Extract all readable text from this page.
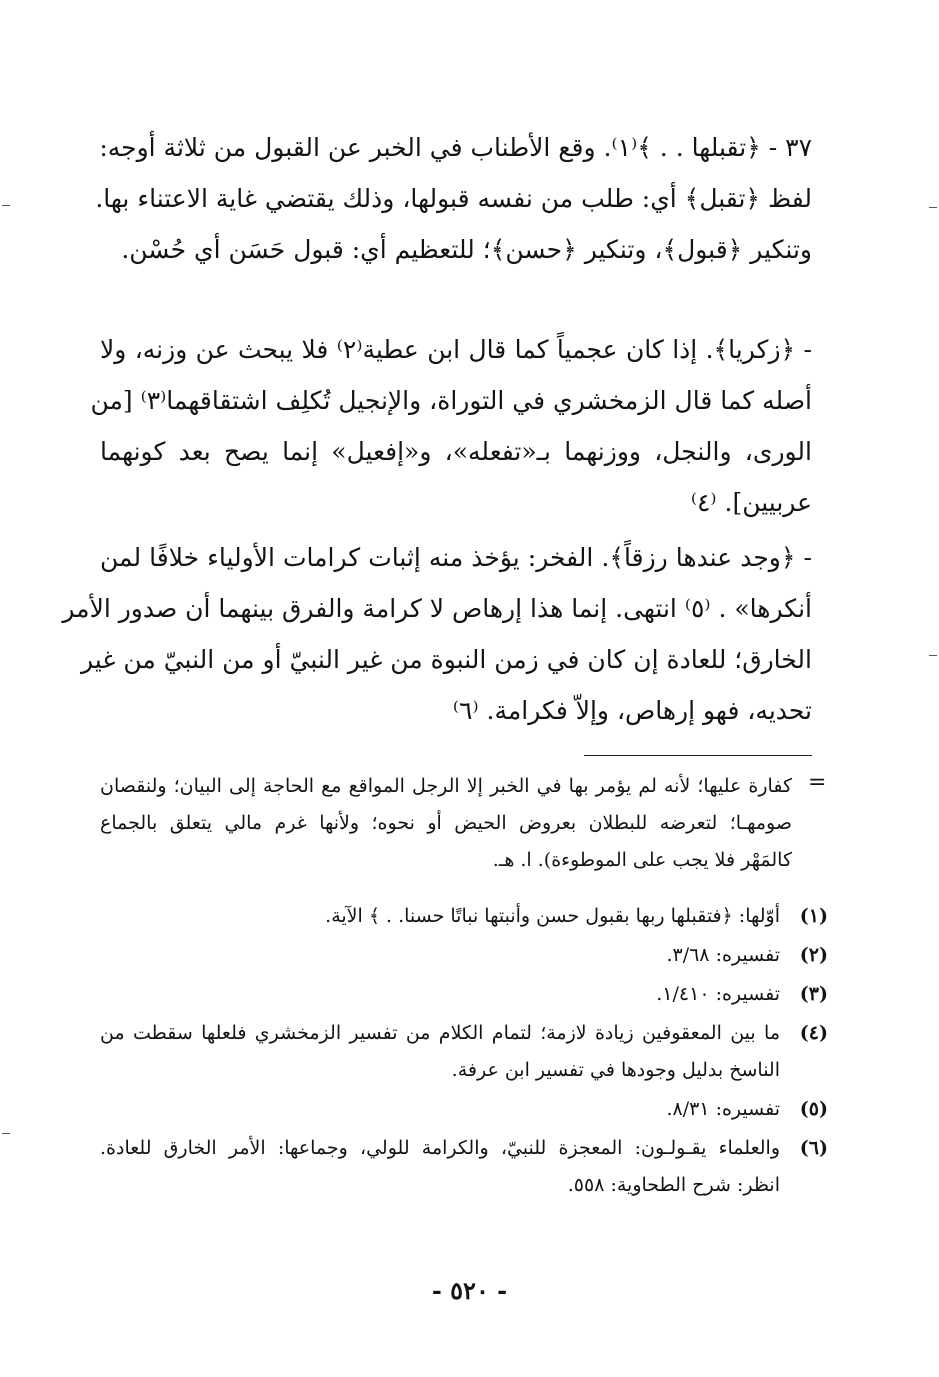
٣٧ - ﴿تقبلها . . ﴾⁽١⁾. وقع الأطناب في الخبر عن القبول من ثلاثة أوجه:
لفظ ﴿تقبل﴾ أي: طلب من نفسه قبولها، وذلك يقتضي غاية الاعتناء بها.
وتنكير ﴿قبول﴾، وتنكير ﴿حسن﴾؛ للتعظيم أي: قبول حَسَن أي حُسْن.
- ﴿زكريا﴾. إذا كان عجمياً كما قال ابن عطية⁽٢⁾ فلا يبحث عن وزنه، ولا
أصله كما قال الزمخشري في التوراة، والإنجيل تُكلِف اشتقاقهما⁽٣⁾ [من
الورى، والنجل، ووزنهما بـ«تفعله»، و«إفعيل» إنما يصح بعد كونهما
عربيين]. ⁽٤⁾
- ﴿وجد عندها رزقاً﴾. الفخر: يؤخذ منه إثبات كرامات الأولياء خلافًا لمن
أنكرها» . ⁽٥⁾ انتهى. إنما هذا إرهاص لا كرامة والفرق بينهما أن صدور الأمر
الخارق؛ للعادة إن كان في زمن النبوة من غير النبيّ أو من النبيّ من غير
تحديه، فهو إرهاص، وإلاّ فكرامة. ⁽٦⁾
=
كفارة عليها؛ لأنه لم يؤمر بها في الخبر إلا الرجل المواقع مع الحاجة إلى البيان؛ ولنقصان
صومهـا؛ لتعرضه للبطلان بعروض الحيض أو نحوه؛ ولأنها غرم مالي يتعلق بالجماع
كالمَهْر فلا يجب على الموطوءة). ا. هـ.
(١)
أوّلها: ﴿فتقبلها ربها بقبول حسن وأنبتها نباتًا حسنا. . ﴾ الآية.
(٢)
تفسيره: ٣/٦٨.
(٣)
تفسيره: ١/٤١٠.
(٤)
ما بين المعقوفين زيادة لازمة؛ لتمام الكلام من تفسير الزمخشري فلعلها سقطت من
الناسخ بدليل وجودها في تفسير ابن عرفة.
(٥)
تفسيره: ٨/٣١.
(٦)
والعلماء يقـولـون: المعجزة للنبيّ، والكرامة للولي، وجماعها: الأمر الخارق للعادة.
انظر: شرح الطحاوية: ٥٥٨.
- ٥٢٠ -
